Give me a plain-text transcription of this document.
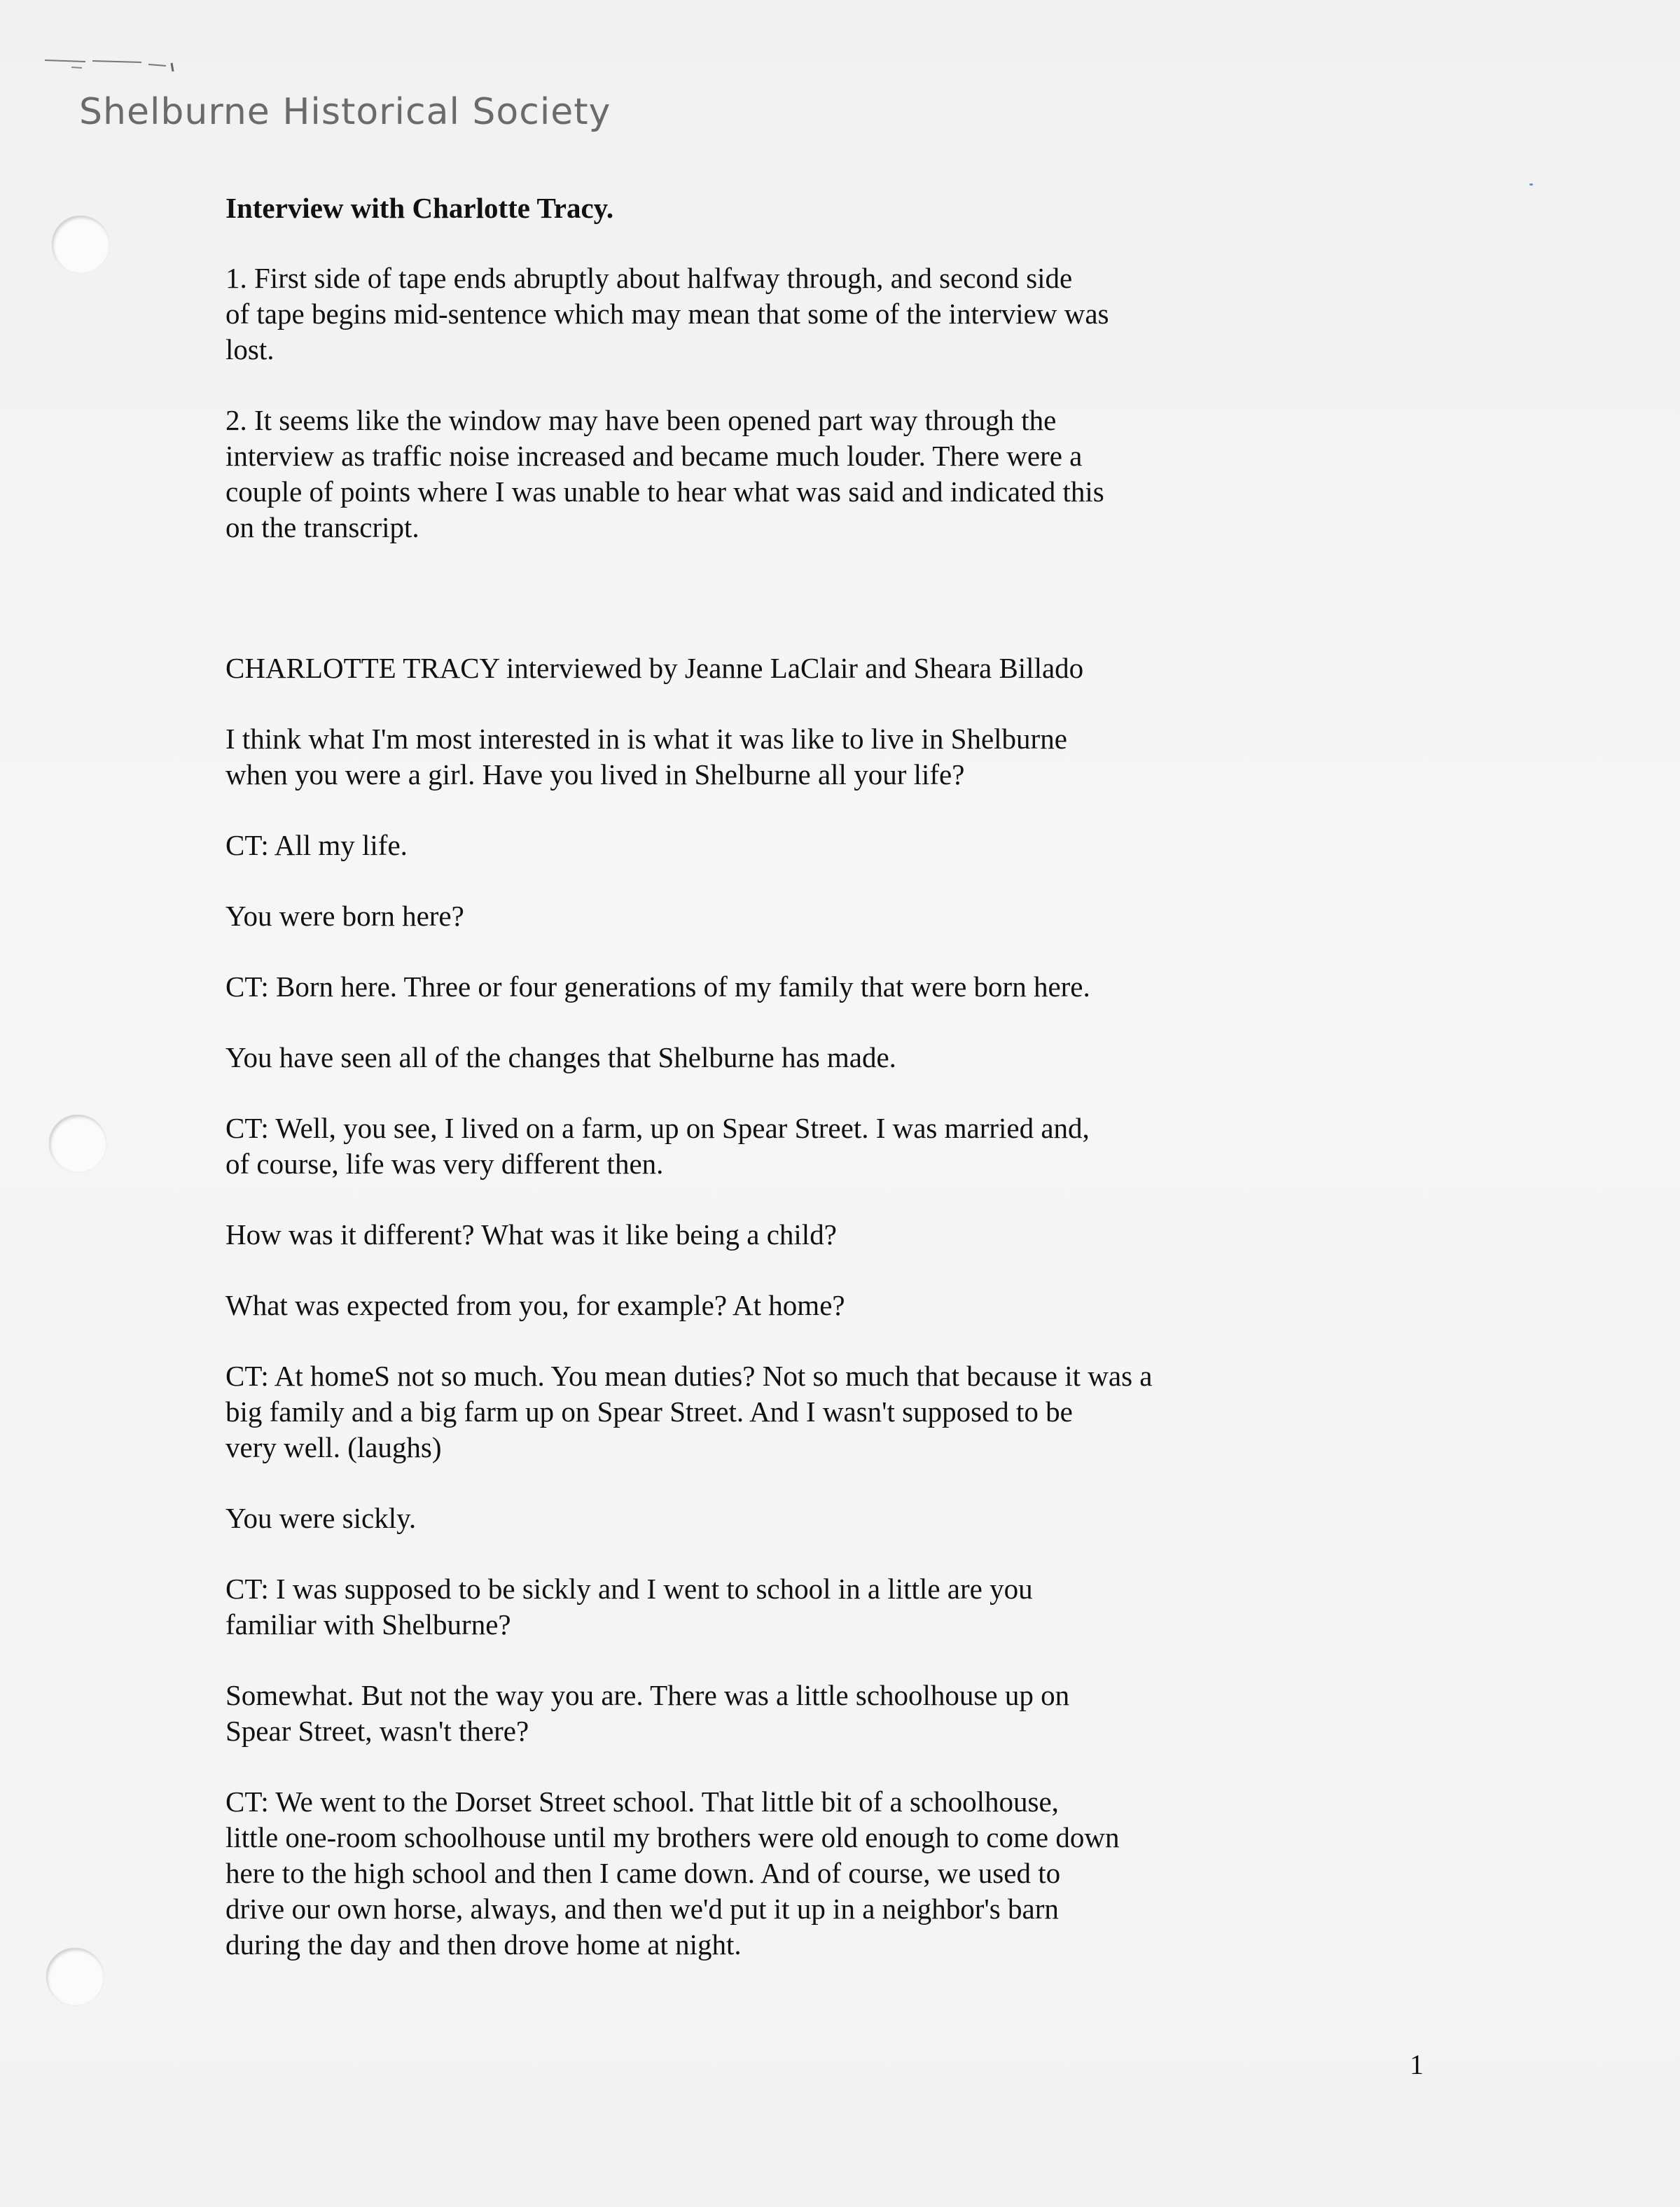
Shelburne Historical Society
Interview with Charlotte Tracy.
1. First side of tape ends abruptly about halfway through, and second side
of tape begins mid-sentence which may mean that some of the interview was
lost.
2. It seems like the window may have been opened part way through the
interview as traffic noise increased and became much louder. There were a
couple of points where I was unable to hear what was said and indicated this
on the transcript.
CHARLOTTE TRACY interviewed by Jeanne LaClair and Sheara Billado
I think what I'm most interested in is what it was like to live in Shelburne
when you were a girl. Have you lived in Shelburne all your life?
CT: All my life.
You were born here?
CT: Born here. Three or four generations of my family that were born here.
You have seen all of the changes that Shelburne has made.
CT: Well, you see, I lived on a farm, up on Spear Street. I was married and,
of course, life was very different then.
How was it different? What was it like being a child?
What was expected from you, for example? At home?
CT: At homeS not so much. You mean duties? Not so much that because it was a
big family and a big farm up on Spear Street. And I wasn't supposed to be
very well. (laughs)
You were sickly.
CT: I was supposed to be sickly and I went to school in a little are you
familiar with Shelburne?
Somewhat. But not the way you are. There was a little schoolhouse up on
Spear Street, wasn't there?
CT: We went to the Dorset Street school. That little bit of a schoolhouse,
little one-room schoolhouse until my brothers were old enough to come down
here to the high school and then I came down. And of course, we used to
drive our own horse, always, and then we'd put it up in a neighbor's barn
during the day and then drove home at night.
1
